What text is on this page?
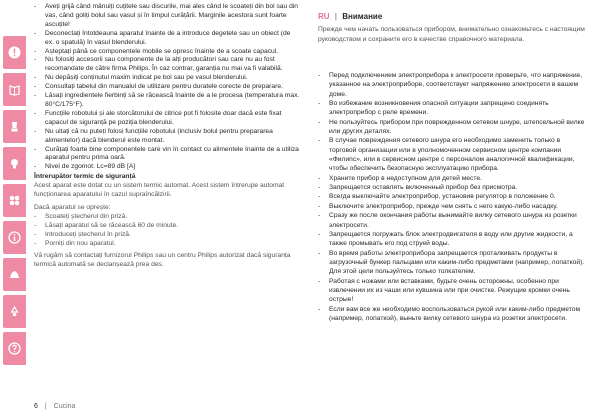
- Aveți grijă când mânuiți cuțitele sau discurile, mai ales când le scoateți din bol sau din vas, când goliți bolul sau vasul și în timpul curățării. Marginile acestora sunt foarte ascuțite!
- Deconectați întotdeauna aparatul înainte de a introduce degetele sau un obiect (de ex. o spatulă) în vasul blenderului.
- Așteptați până ce componentele mobile se opresc înainte de a scoate capacul.
- Nu folosiți accesorii sau componente de la alți producători sau care nu au fost recomandate de către firma Philips. În caz contrar, garanția nu mai va fi valabilă.
- Nu depășiți conținutul maxim indicat pe bol sau pe vasul blenderului.
- Consultați tabelul din manualul de utilizare pentru duratele corecte de preparare.
- Lăsați ingredientele fierbinți să se răcească înainte de a le procesa (temperatura max. 80°C/175°F).
- Funcțiile robotului și ale storcătorului de citrice pot fi folosite doar dacă este fixat capacul de siguranță pe poziția blenderului.
- Nu uitați că nu puteți folosi funcțiile robotului (inclusiv bolul pentru prepararea alimentelor) dacă blenderul este montat.
- Curățați foarte bine componentele care vin în contact cu alimentele înainte de a utiliza aparatul pentru prima oară.
- Nivel de zgomot: Lc=89 dB [A]
Întrerupător termic de siguranță
Acest aparat este dotat cu un sistem termic automat. Acest sistem întrerupe automat funcționarea aparatului în cazul supraîncălzirii.
Dacă aparatul se oprește:
- Scoateți ștecherul din priză.
- Lăsați aparatul să se răcească 60 de minute.
- Introduceți ștecherul în priză.
- Porniți din nou aparatul.
Vă rugăm să contactați furnizorul Philips sau un centru Philips autorizat dacă siguranța termică automată se declanșează prea des.
RU | Внимание
Прежде чем начать пользоваться прибором, внимательно ознакомьтесь с настоящим руководством и сохраните его в качестве справочного материала.
- Перед подключением электроприбора к электросети проверьте, что напряжение, указанное на электроприборе, соответствует напряжению электросети в вашем доме.
- Во избежание возникновения опасной ситуации запрещено соединять электроприбор с реле времени.
- Не пользуйтесь прибором при поврежденном сетевом шнуре, штепсельной вилке или других деталях.
- В случае повреждения сетевого шнура его необходимо заменить только в торговой организации или в уполномоченном сервисном центре компании «Филипс», или в сервисном центре с персоналом аналогичной квалификации, чтобы обеспечить безопасную эксплуатацию прибора.
- Храните прибор в недоступном для детей месте.
- Запрещается оставлять включенный прибор без присмотра.
- Всегда выключайте электроприбор, установив регулятор в положение 0.
- Выключите электроприбор, прежде чем снять с него какую-либо насадку.
- Сразу же после окончания работы вынимайте вилку сетевого шнура из розетки электросети.
- Запрещается погружать блок электродвигателя в воду или другие жидкости, а также промывать его под струей воды.
- Во время работы электроприбора запрещается проталкивать продукты в загрузочный бункер пальцами или каким-либо предметами (например, лопаткой). Для этой цели пользуйтесь только толкателем.
- Работая с ножами или вставками, будьте очень осторожны, особенно при извлечении их из чаши или кувшина или при очистке. Режущие кромки очень острые!
- Если вам все же необходимо воспользоваться рукой или каким-либо предметом (например, лопаткой), выньте вилку сетевого шнура из розетки электросети.
6 | Cucina
